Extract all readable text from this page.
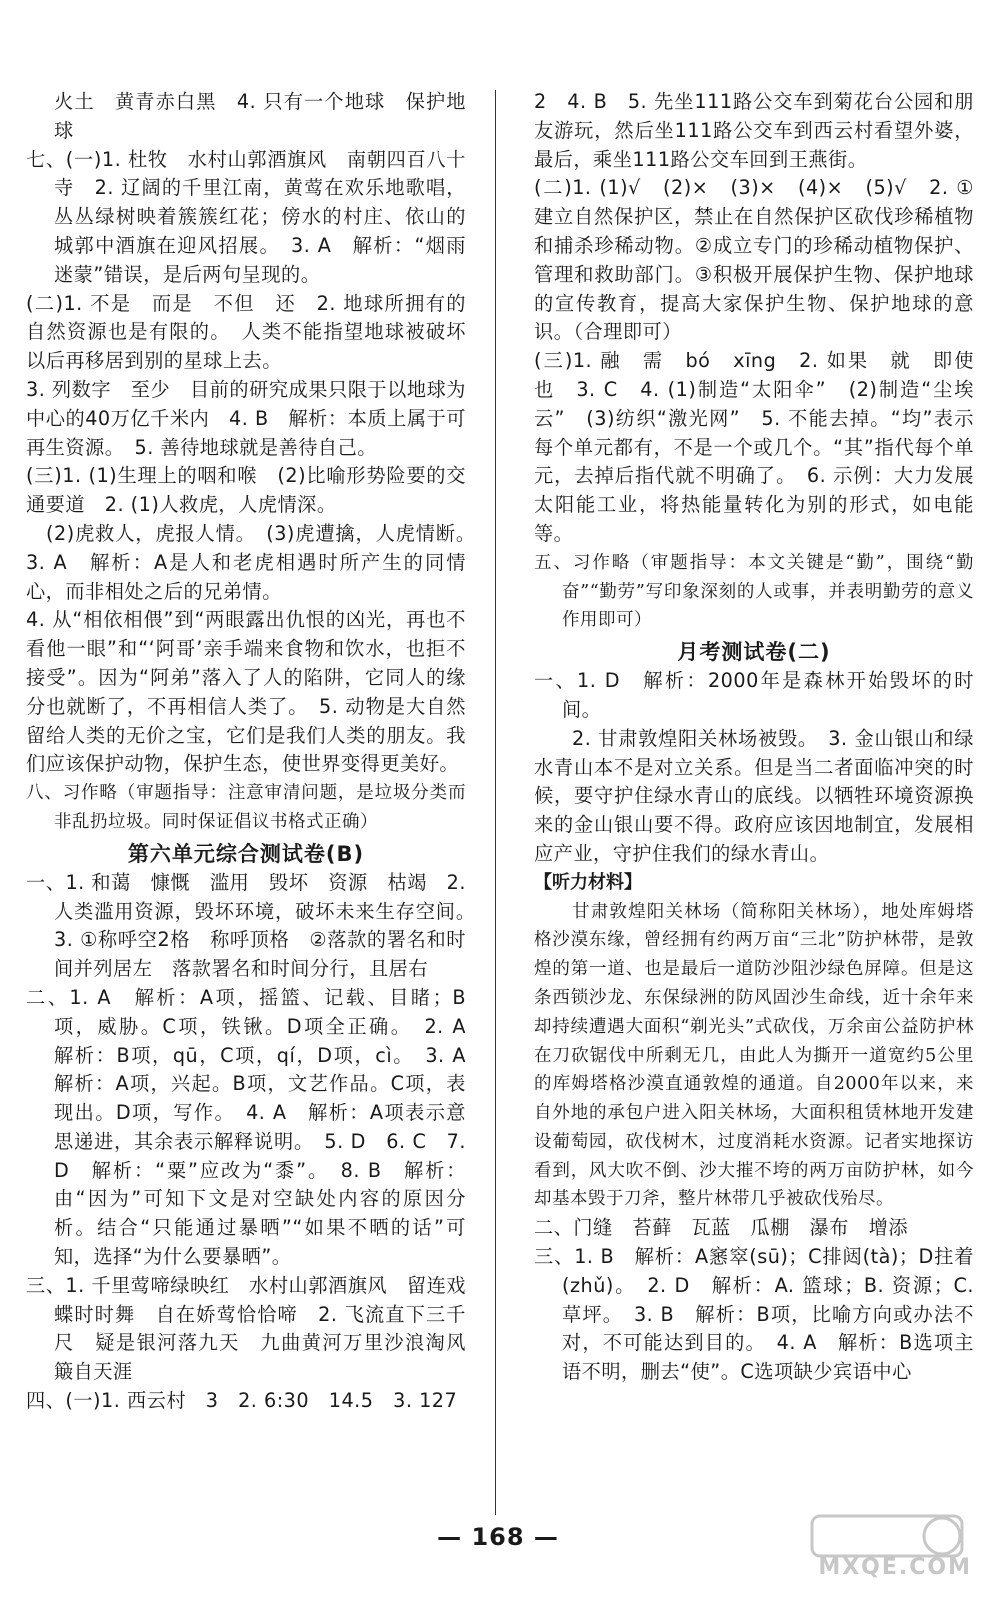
火土　黄青赤白黑　4. 只有一个地球　保护地球

七、(一)1. 杜牧　水村山郭酒旗风　南朝四百八十寺　2. 辽阔的千里江南，黄莺在欢乐地歌唱，丛丛绿树映着簇簇红花；傍水的村庄、依山的城郭中酒旗在迎风招展。　3. A　解析：“烟雨迷蒙”错误，是后两句呈现的。

(二)1. 不是　而是　不但　还　2. 地球所拥有的自然资源也是有限的。　人类不能指望地球被破坏以后再移居到别的星球上去。

3. 列数字　至少　目前的研究成果只限于以地球为中心的40万亿千米内　4. B　解析：本质上属于可再生资源。　5. 善待地球就是善待自己。

(三)1. (1)生理上的咽和喉　(2)比喻形势险要的交通要道　2. (1)人救虎，人虎情深。

(2)虎救人，虎报人情。　(3)虎遭擒，人虎情断。　3. A　解析：A是人和老虎相遇时所产生的同情心，而非相处之后的兄弟情。

4. 从“相依相偎”到“两眼露出仇恨的凶光，再也不看他一眼”和“‘阿哥’亲手端来食物和饮水，也拒不接受”。因为“阿弟”落入了人的陷阱，它同人的缘分也就断了，不再相信人类了。　5. 动物是大自然留给人类的无价之宝，它们是我们人类的朋友。我们应该保护动物，保护生态，使世界变得更美好。

八、习作略（审题指导：注意审清问题，是垃圾分类而非乱扔垃圾。同时保证倡议书格式正确）

第六单元综合测试卷(B)

一、1. 和蔼　慷慨　滥用　毁坏　资源　枯竭　2. 人类滥用资源，毁坏环境，破坏未来生存空间。　3. ①称呼空2格　称呼顶格　②落款的署名和时间并列居左　落款署名和时间分行，且居右

二、1. A　解析：A项，摇篮、记载、目睹；B项，威胁。C项，铁锹。D项全正确。　2. A　解析：B项，qū，C项，qí，D项，cì。　3. A　解析：A项，兴起。B项，文艺作品。C项，表现出。D项，写作。　4. A　解析：A项表示意思递进，其余表示解释说明。　5. D　6. C　7. D　解析：“粟”应改为“黍”。　8. B　解析：由“因为”可知下文是对空缺处内容的原因分析。结合“只能通过暴晒”“如果不晒的话”可知，选择“为什么要暴晒”。

三、1. 千里莺啼绿映红　水村山郭酒旗风　留连戏蝶时时舞　自在娇莺恰恰啼　2. 飞流直下三千尺　疑是银河落九天　九曲黄河万里沙浪淘风簸自天涯

四、(一)1. 西云村　3　2. 6:30　14.5　3. 127

2　4. B　5. 先坐111路公交车到菊花台公园和朋友游玩，然后坐111路公交车到西云村看望外婆，最后，乘坐111路公交车回到王燕街。

(二)1. (1)√　(2)×　(3)×　(4)×　(5)√　2. ①建立自然保护区，禁止在自然保护区砍伐珍稀植物和捕杀珍稀动物。②成立专门的珍稀动植物保护、管理和救助部门。③积极开展保护生物、保护地球的宣传教育，提高大家保护生物、保护地球的意识。（合理即可）

(三)1. 融　需　bó　xīng　2. 如果　就　即使　也　3. C　4. (1)制造“太阳伞”　(2)制造“尘埃云”　(3)纺织“激光网”　5. 不能去掉。“均”表示每个单元都有，不是一个或几个。“其”指代每个单元，去掉后指代就不明确了。　6. 示例：大力发展太阳能工业，将热能量转化为别的形式，如电能等。

五、习作略（审题指导：本文关键是“勤”，围绕“勤奋”“勤劳”写印象深刻的人或事，并表明勤劳的意义作用即可）

月考测试卷(二)

一、1. D　解析：2000年是森林开始毁坏的时间。

2. 甘肃敦煌阳关林场被毁。　3. 金山银山和绿水青山本不是对立关系。但是当二者面临冲突的时候，要守护住绿水青山的底线。以牺牲环境资源换来的金山银山要不得。政府应该因地制宜，发展相应产业，守护住我们的绿水青山。

【听力材料】

甘肃敦煌阳关林场（简称阳关林场），地处库姆塔格沙漠东缘，曾经拥有约两万亩“三北”防护林带，是敦煌的第一道、也是最后一道防沙阻沙绿色屏障。但是这条西锁沙龙、东保绿洲的防风固沙生命线，近十余年来却持续遭遇大面积“剃光头”式砍伐，万余亩公益防护林在刀砍锯伐中所剩无几，由此人为撕开一道宽约5公里的库姆塔格沙漠直通敦煌的通道。自2000年以来，来自外地的承包户进入阳关林场，大面积租赁林地开发建设葡萄园，砍伐树木，过度消耗水资源。记者实地探访看到，风大吹不倒、沙大摧不垮的两万亩防护林，如今却基本毁于刀斧，整片林带几乎被砍伐殆尽。

二、门缝　苔藓　瓦蓝　瓜棚　瀑布　增添

三、1. B　解析：A窸窣(sū)；C排闼(tà)；D拄着(zhǔ)。　2. D　解析：A. 篮球；B. 资源；C. 草坪。　3. B　解析：B项，比喻方向或办法不对，不可能达到目的。　4. A　解析：B选项主语不明，删去“使”。C选项缺少宾语中心

— 168 —
MXQE.COM
